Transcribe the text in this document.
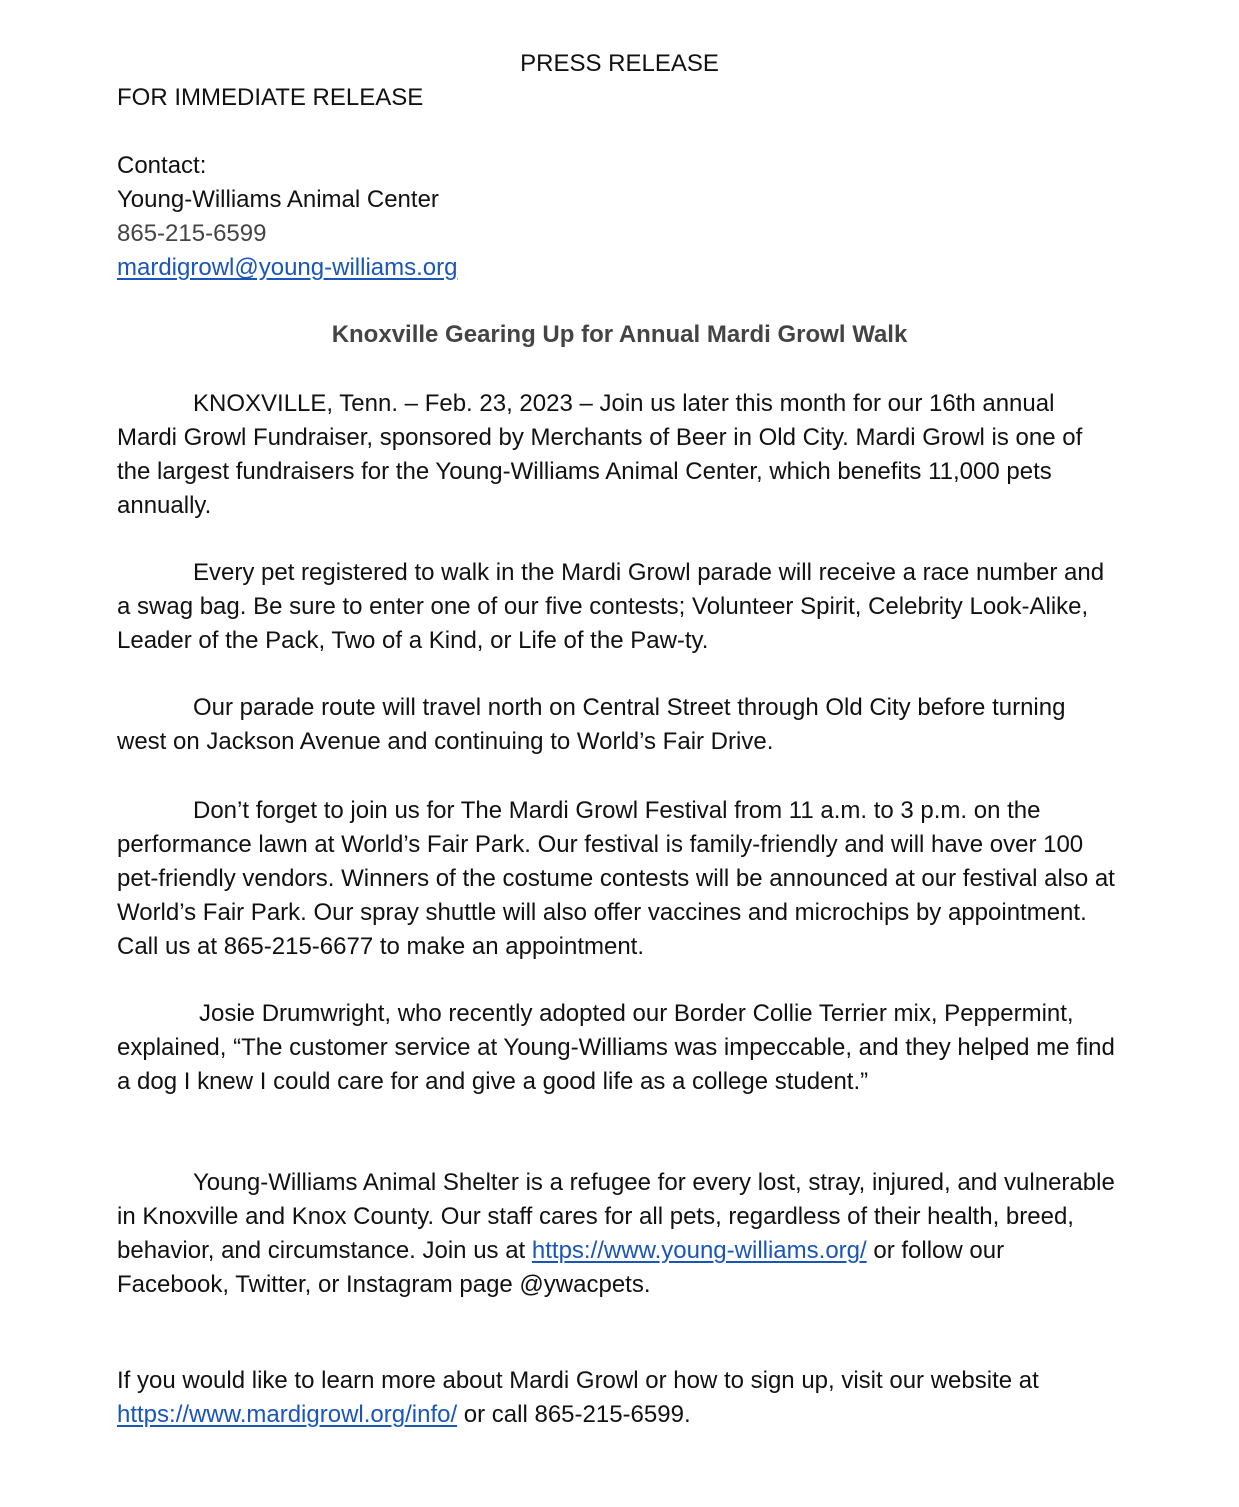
PRESS RELEASE
FOR IMMEDIATE RELEASE
Contact:
Young-Williams Animal Center
865-215-6599
mardigrowl@young-williams.org
Knoxville Gearing Up for Annual Mardi Growl Walk

KNOXVILLE, Tenn. – Feb. 23, 2023 – Join us later this month for our 16th annual Mardi Growl Fundraiser, sponsored by Merchants of Beer in Old City. Mardi Growl is one of the largest fundraisers for the Young-Williams Animal Center, which benefits 11,000 pets annually.

Every pet registered to walk in the Mardi Growl parade will receive a race number and a swag bag. Be sure to enter one of our five contests; Volunteer Spirit, Celebrity Look-Alike, Leader of the Pack, Two of a Kind, or Life of the Paw-ty.

Our parade route will travel north on Central Street through Old City before turning west on Jackson Avenue and continuing to World’s Fair Drive.

Don’t forget to join us for The Mardi Growl Festival from 11 a.m. to 3 p.m. on the performance lawn at World’s Fair Park. Our festival is family-friendly and will have over 100 pet-friendly vendors. Winners of the costume contests will be announced at our festival also at World’s Fair Park. Our spray shuttle will also offer vaccines and microchips by appointment. Call us at 865-215-6677 to make an appointment.

Josie Drumwright, who recently adopted our Border Collie Terrier mix, Peppermint, explained, “The customer service at Young-Williams was impeccable, and they helped me find a dog I knew I could care for and give a good life as a college student.”

Young-Williams Animal Shelter is a refugee for every lost, stray, injured, and vulnerable in Knoxville and Knox County. Our staff cares for all pets, regardless of their health, breed, behavior, and circumstance. Join us at https://www.young-williams.org/ or follow our Facebook, Twitter, or Instagram page @ywacpets.

If you would like to learn more about Mardi Growl or how to sign up, visit our website at https://www.mardigrowl.org/info/ or call 865-215-6599.
